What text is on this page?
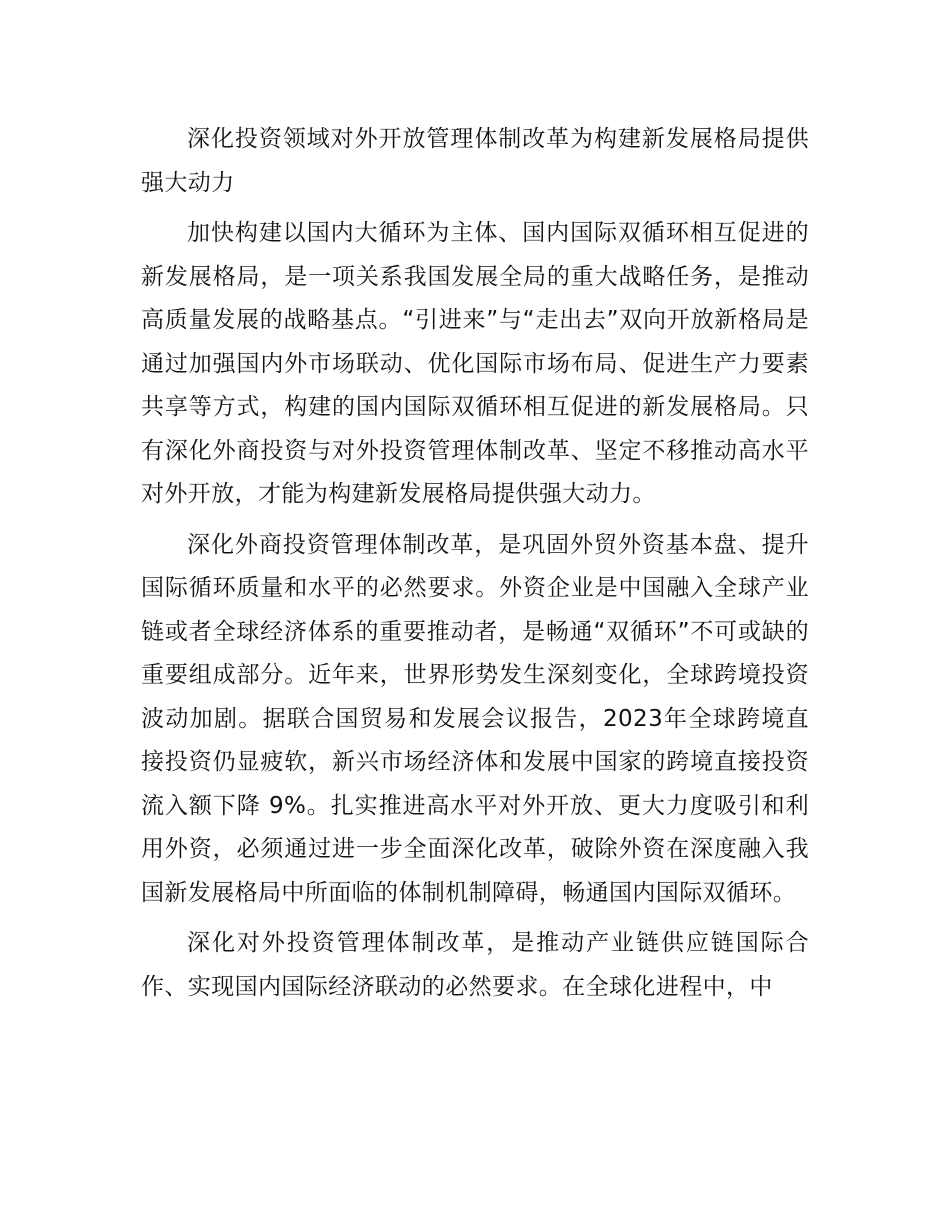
深化投资领域对外开放管理体制改革为构建新发展格局提供强大动力

加快构建以国内大循环为主体、国内国际双循环相互促进的新发展格局，是一项关系我国发展全局的重大战略任务，是推动高质量发展的战略基点。“引进来”与“走出去”双向开放新格局是通过加强国内外市场联动、优化国际市场布局、促进生产力要素共享等方式，构建的国内国际双循环相互促进的新发展格局。只有深化外商投资与对外投资管理体制改革、坚定不移推动高水平对外开放，才能为构建新发展格局提供强大动力。

深化外商投资管理体制改革，是巩固外贸外资基本盘、提升国际循环质量和水平的必然要求。外资企业是中国融入全球产业链或者全球经济体系的重要推动者，是畅通“双循环”不可或缺的重要组成部分。近年来，世界形势发生深刻变化，全球跨境投资波动加剧。据联合国贸易和发展会议报告，2023年全球跨境直接投资仍显疲软，新兴市场经济体和发展中国家的跨境直接投资流入额下降 9%。扎实推进高水平对外开放、更大力度吸引和利用外资，必须通过进一步全面深化改革，破除外资在深度融入我国新发展格局中所面临的体制机制障碍，畅通国内国际双循环。

深化对外投资管理体制改革，是推动产业链供应链国际合作、实现国内国际经济联动的必然要求。在全球化进程中，中
